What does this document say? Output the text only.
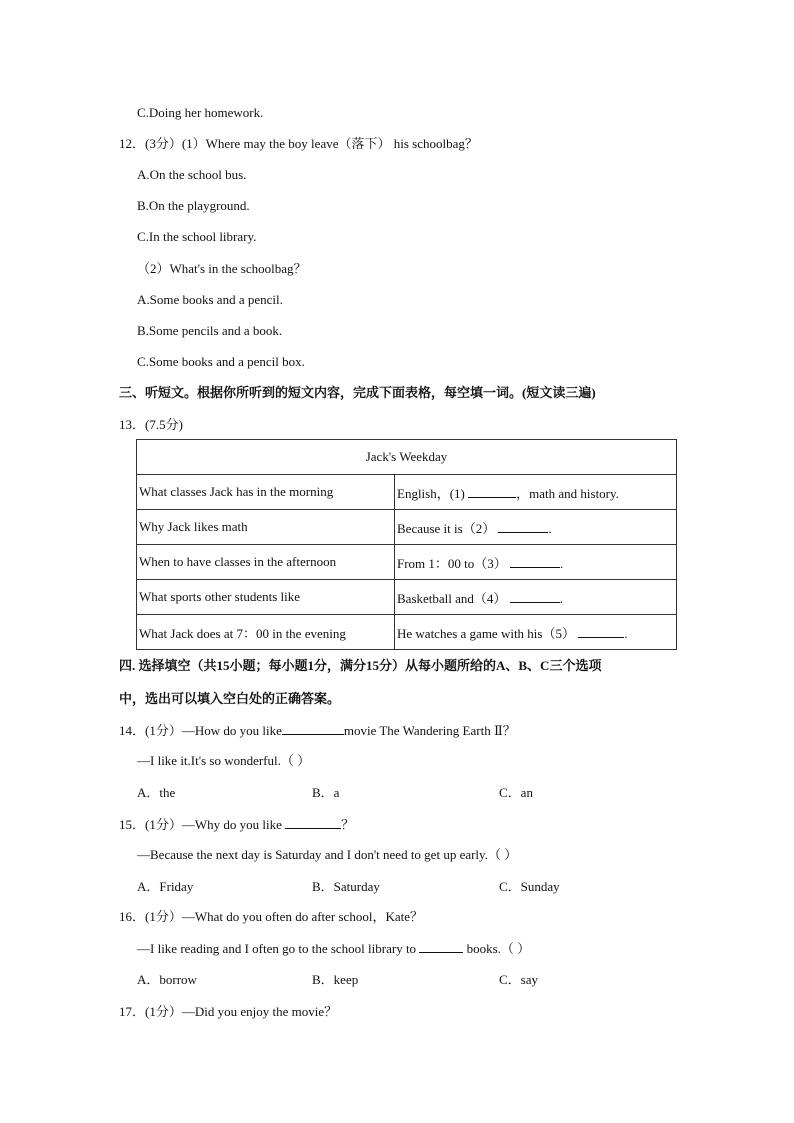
C.Doing her homework.
12．(3分）(1）Where may the boy leave（落下） his schoolbag？
A.On the school bus.
B.On the playground.
C.In the school library.
（2）What's in the schoolbag？
A.Some books and a pencil.
B.Some pencils and a book.
C.Some books and a pencil box.
三、听短文。根据你所听到的短文内容，完成下面表格，每空填一词。(短文读三遍)
13．(7.5分)
Jack's Weekday	
What classes Jack has in the morning	English，(1) ，math and history.
Why Jack likes math	Because it is（2） .
When to have classes in the afternoon	From 1：00 to（3） .
What sports other students like	Basketball and（4） .
What Jack does at 7：00 in the evening	He watches a game with his（5） .
四. 选择填空（共15小题；每小题1分，满分15分）从每小题所给的A、B、C三个选项
中，选出可以填入空白处的正确答案。
14．(1分）—How do you like	movie The Wandering Earth Ⅱ？
—I like it.It's so wonderful.（ ）
A．the	B．a	C．an
15．(1分）—Why do you like	？
—Because the next day is Saturday and I don't need to get up early.（ ）
A．Friday	B．Saturday	C．Sunday
16．(1分）—What do you often do after school，Kate？
—I like reading and I often go to the school library to	books.（ ）
A．borrow	B．keep	C．say
17．(1分）—Did you enjoy the movie？
